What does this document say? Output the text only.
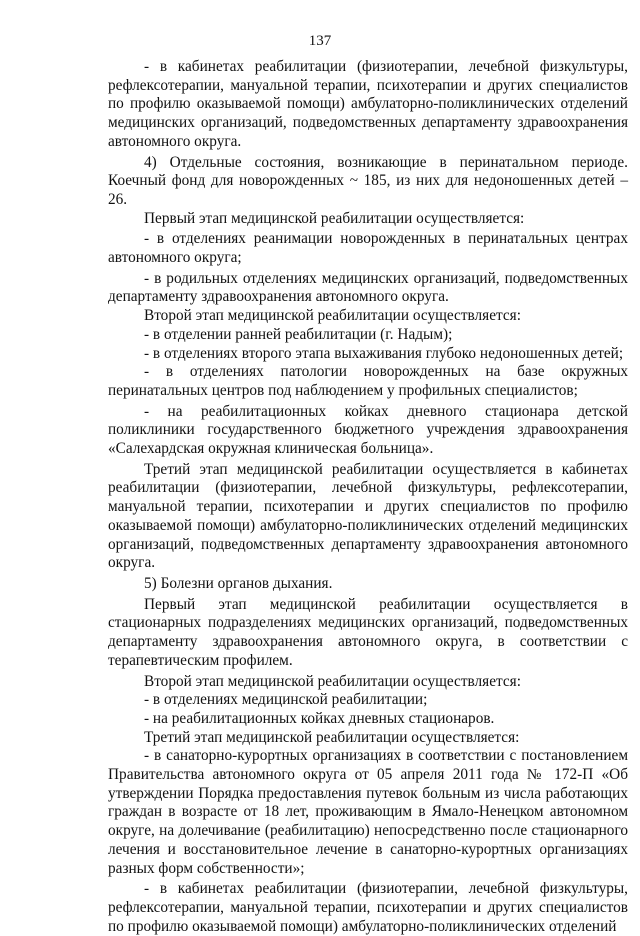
137

- в кабинетах реабилитации (физиотерапии, лечебной физкультуры, рефлексотерапии, мануальной терапии, психотерапии и других специалистов по профилю оказываемой помощи) амбулаторно-поликлинических отделений медицинских организаций, подведомственных департаменту здравоохранения автономного округа.

4) Отдельные состояния, возникающие в перинатальном периоде. Коечный фонд для новорожденных ~ 185, из них для недоношенных детей – 26.

Первый этап медицинской реабилитации осуществляется:

- в отделениях реанимации новорожденных в перинатальных центрах автономного округа;

- в родильных отделениях медицинских организаций, подведомственных департаменту здравоохранения автономного округа.

Второй этап медицинской реабилитации осуществляется:

- в отделении ранней реабилитации (г. Надым);

- в отделениях второго этапа выхаживания глубоко недоношенных детей;

- в отделениях патологии новорожденных на базе окружных перинатальных центров под наблюдением у профильных специалистов;

- на реабилитационных койках дневного стационара детской поликлиники государственного бюджетного учреждения здравоохранения «Салехардская окружная клиническая больница».

Третий этап медицинской реабилитации осуществляется в кабинетах реабилитации (физиотерапии, лечебной физкультуры, рефлексотерапии, мануальной терапии, психотерапии и других специалистов по профилю оказываемой помощи) амбулаторно-поликлинических отделений медицинских организаций, подведомственных департаменту здравоохранения автономного округа.

5) Болезни органов дыхания.

Первый этап медицинской реабилитации осуществляется в стационарных подразделениях медицинских организаций, подведомственных департаменту здравоохранения автономного округа, в соответствии с терапевтическим профилем.

Второй этап медицинской реабилитации осуществляется:

- в отделениях медицинской реабилитации;

- на реабилитационных койках дневных стационаров.

Третий этап медицинской реабилитации осуществляется:

- в санаторно-курортных организациях в соответствии с постановлением Правительства автономного округа от 05 апреля 2011 года № 172-П «Об утверждении Порядка предоставления путевок больным из числа работающих граждан в возрасте от 18 лет, проживающим в Ямало-Ненецком автономном округе, на долечивание (реабилитацию) непосредственно после стационарного лечения и восстановительное лечение в санаторно-курортных организациях разных форм собственности»;

- в кабинетах реабилитации (физиотерапии, лечебной физкультуры, рефлексотерапии, мануальной терапии, психотерапии и других специалистов по профилю оказываемой помощи) амбулаторно-поликлинических отделений
